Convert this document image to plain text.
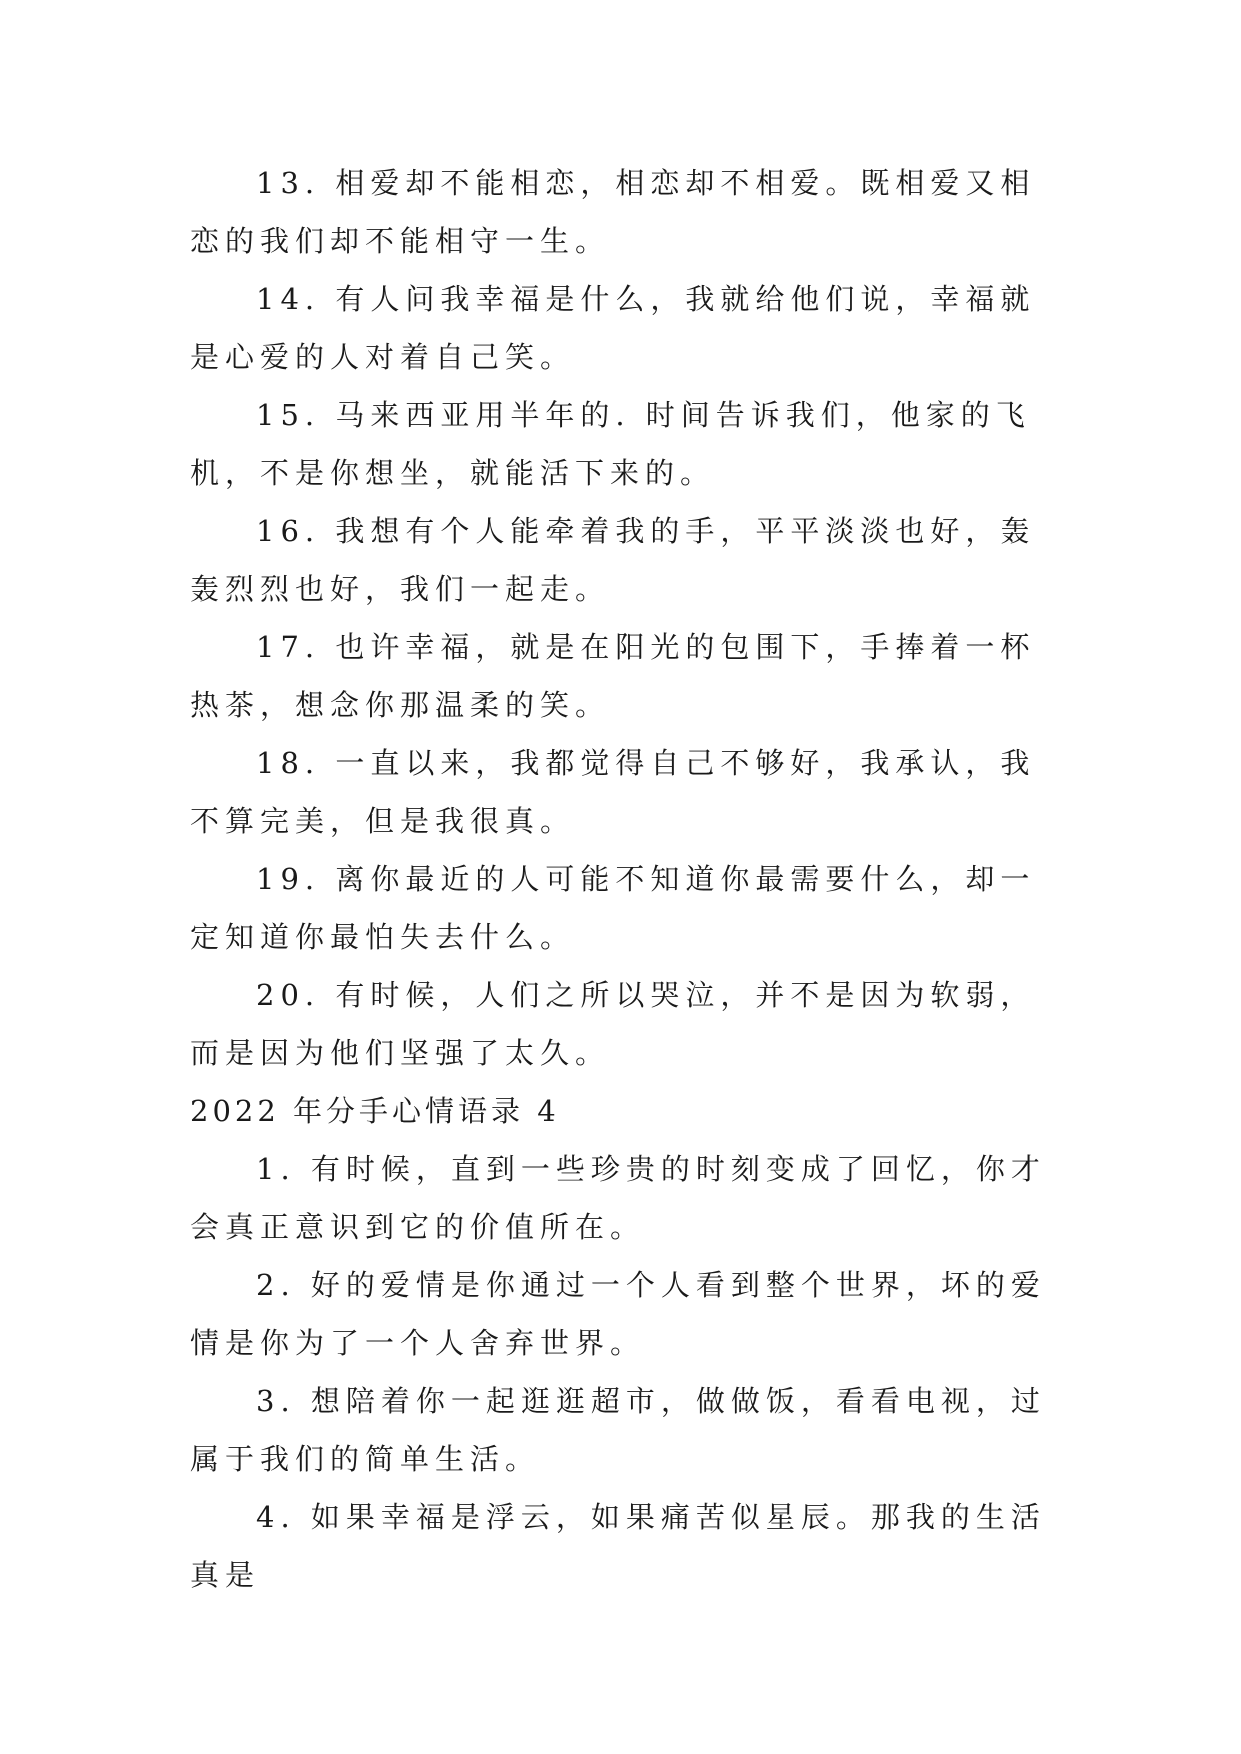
13. 相爱却不能相恋，相恋却不相爱。既相爱又相恋的我们却不能相守一生。

14. 有人问我幸福是什么，我就给他们说，幸福就是心爱的人对着自己笑。

15. 马来西亚用半年的. 时间告诉我们，他家的飞机，不是你想坐，就能活下来的。

16. 我想有个人能牵着我的手，平平淡淡也好，轰轰烈烈也好，我们一起走。

17. 也许幸福，就是在阳光的包围下，手捧着一杯热茶，想念你那温柔的笑。

18. 一直以来，我都觉得自己不够好，我承认，我不算完美，但是我很真。

19. 离你最近的人可能不知道你最需要什么，却一定知道你最怕失去什么。

20. 有时候，人们之所以哭泣，并不是因为软弱，而是因为他们坚强了太久。

2022 年分手心情语录 4

1. 有时候，直到一些珍贵的时刻变成了回忆，你才会真正意识到它的价值所在。

2. 好的爱情是你通过一个人看到整个世界，坏的爱情是你为了一个人舍弃世界。

3. 想陪着你一起逛逛超市，做做饭，看看电视，过属于我们的简单生活。

4. 如果幸福是浮云，如果痛苦似星辰。那我的生活真是
